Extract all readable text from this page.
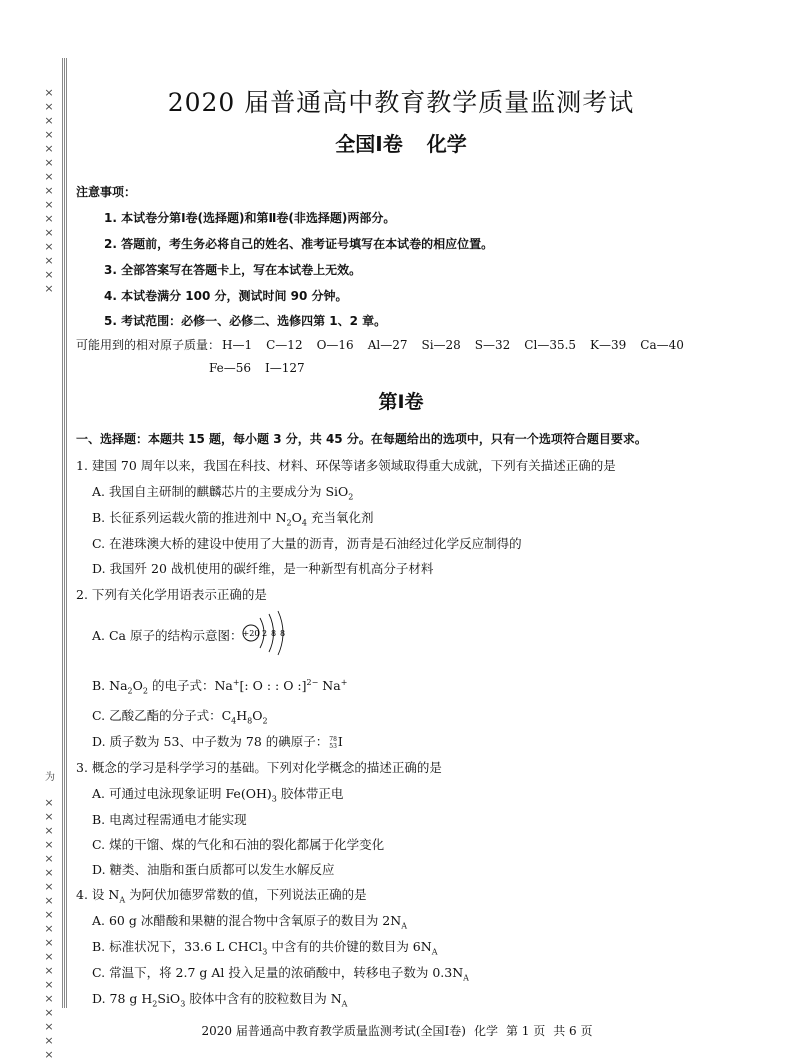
×
×
×
×
×
×
×
×
×
×
×
×
×
×
×
为
×
×
×
×
×
×
×
×
×
×
×
×
×
×
×
×
×
×
×
2020 届普通高中教育教学质量监测考试
全国Ⅰ卷 化学
注意事项：
1. 本试卷分第Ⅰ卷(选择题)和第Ⅱ卷(非选择题)两部分。
2. 答题前，考生务必将自己的姓名、准考证号填写在本试卷的相应位置。
3. 全部答案写在答题卡上，写在本试卷上无效。
4. 本试卷满分 100 分，测试时间 90 分钟。
5. 考试范围：必修一、必修二、选修四第 1、2 章。
可能用到的相对原子质量： H—1 C—12 O—16 Al—27 Si—28 S—32 Cl—35.5 K—39 Ca—40
Fe—56 I—127
第Ⅰ卷
一、选择题：本题共 15 题，每小题 3 分，共 45 分。在每题给出的选项中，只有一个选项符合题目要求。
1. 建国 70 周年以来，我国在科技、材料、环保等诸多领域取得重大成就，下列有关描述正确的是
A. 我国自主研制的麒麟芯片的主要成分为 SiO$_2$
B. 长征系列运载火箭的推进剂中 $N_2O_4$ 充当氧化剂
C. 在港珠澳大桥的建设中使用了大量的沥青，沥青是石油经过化学反应制得的
D. 我国歼 20 战机使用的碳纤维，是一种新型有机高分子材料
2. 下列有关化学用语表示正确的是
A. Ca 原子的结构示意图： +20 2 8 8
B. $Na_2O_2$ 的电子式：Na+[: O : : O :]$^{2-}$ Na+
C. 乙酸乙酯的分子式：$C_4H_8O_2$
D. 质子数为 53、中子数为 78 的碘原子： 78
53 I
3. 概念的学习是科学学习的基础。下列对化学概念的描述正确的是
A. 可通过电泳现象证明 $Fe(OH)_3$ 胶体带正电
B. 电离过程需通电才能实现
C. 煤的干馏、煤的气化和石油的裂化都属于化学变化
D. 糖类、油脂和蛋白质都可以发生水解反应
4. 设 $N_A$ 为阿伏加德罗常数的值，下列说法正确的是
A. 60 g 冰醋酸和果糖的混合物中含氧原子的数目为 $2N_A$
B. 标准状况下，33.6 L CHCl$_3$ 中含有的共价键的数目为 $6N_A$
C. 常温下，将 2.7 g Al 投入足量的浓硝酸中，转移电子数为 $0.3N_A$
D. 78 g $H_2SiO_3$ 胶体中含有的胶粒数目为 $N_A$
2020 届普通高中教育教学质量监测考试(全国Ⅰ卷) 化学 第 1 页 共 6 页
